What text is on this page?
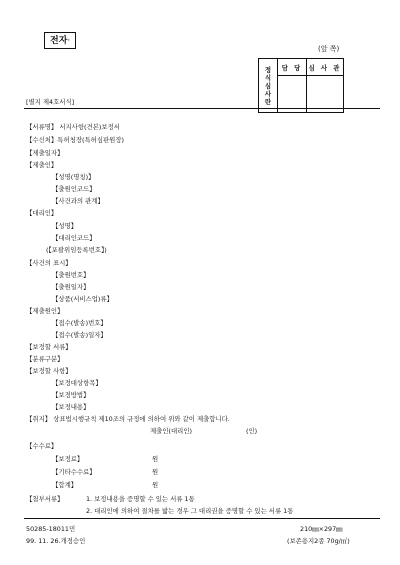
전자·
(앞 쪽)
정
식
심
사
란	담 당	심 사 관

[별지 제4호서식]
【서류명】 서지사항(견본)보정서
【수신처】특허청장(특허심판원장)
【제출일자】
【제출인】
【성명(명칭)】
【출원인코드】
【사건과의 관계】
【대리인】
【성명】
【대리인코드】
(【포괄위임등록번호】)
【사건의 표시】
【출원번호】
【출원일자】
【상품(서비스업)류】
【제출원인】
【접수(발송)번호】
【접수(발송)일자】
【보정할 서류】
【분류구분】
【보정할 사항】
【보정대상항목】
【보정방법】
【보정내용】
【취지】 상표법시행규칙 제10조의 규정에 의하여 위와 같이 제출합니다.
제출인(대리인)	(인)
【수수료】
【보정료】	원
【기타수수료】	원
【합계】	원
【첨부서류】	1. 보정내용을 증명할 수 있는 서류 1통
2. 대리인에 의하여 절차를 밟는 경우 그 대리권을 증명할 수 있는 서류 1통
50285-18011민	210㎜×297㎜
99. 11. 26.개정승인	(보존용지2종 70g/㎡)
